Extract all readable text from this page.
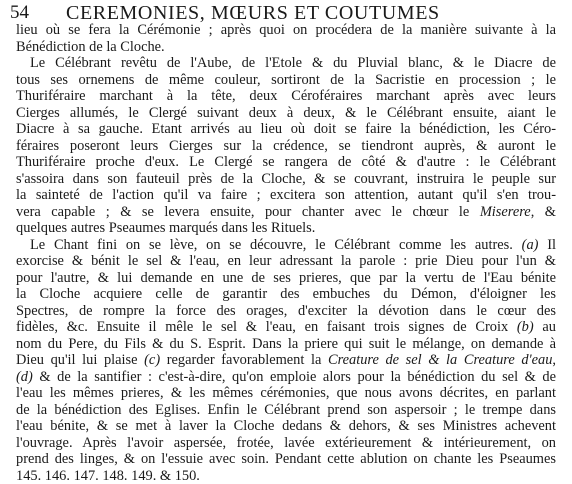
54 CEREMONIES, MŒURS ET COUTUMES
lieu où se fera la Cérémonie ; après quoi on procédera de la manière suivante à la
Bénédiction de la Cloche.
Le Célébrant revêtu de l'Aube, de l'Etole & du Pluvial blanc, & le Diacre de
tous ses ornemens de même couleur, sortiront de la Sacristie en procession ; le
Thuriféraire marchant à la tête, deux Céroféraires marchant après avec leurs
Cierges allumés, le Clergé suivant deux à deux, & le Célébrant ensuite, aiant le
Diacre à sa gauche. Etant arrivés au lieu où doit se faire la bénédiction, les Céro-
féraires poseront leurs Cierges sur la crédence, se tiendront auprès, & auront le
Thuriféraire proche d'eux. Le Clergé se rangera de côté & d'autre : le Célébrant
s'assoira dans son fauteuil près de la Cloche, & se couvrant, instruira le peuple sur
la sainteté de l'action qu'il va faire ; excitera son attention, autant qu'il s'en trou-
vera capable ; & se levera ensuite, pour chanter avec le chœur le Miserere, &
quelques autres Pseaumes marqués dans les Rituels.
Le Chant fini on se lève, on se découvre, le Célébrant comme les autres. (a) Il
exorcise & bénit le sel & l'eau, en leur adressant la parole : prie Dieu pour l'un &
pour l'autre, & lui demande en une de ses prieres, que par la vertu de l'Eau bénite
la Cloche acquiere celle de garantir des embuches du Démon, d'éloigner les
Spectres, de rompre la force des orages, d'exciter la dévotion dans le cœur des
fidèles, &c. Ensuite il mêle le sel & l'eau, en faisant trois signes de Croix (b) au
nom du Pere, du Fils & du S. Esprit. Dans la priere qui suit le mélange, on demande à
Dieu qu'il lui plaise (c) regarder favorablement la Creature de sel & la Creature d'eau,
(d) & de la santifier : c'est-à-dire, qu'on emploie alors pour la bénédiction du sel & de
l'eau les mêmes prieres, & les mêmes cérémonies, que nous avons décrites, en parlant
de la bénédiction des Eglises. Enfin le Célébrant prend son aspersoir ; le trempe dans
l'eau bénite, & se met à laver la Cloche dedans & dehors, & ses Ministres achevent
l'ouvrage. Après l'avoir aspersée, frotée, lavée extérieurement & intérieurement, on
prend des linges, & on l'essuie avec soin. Pendant cette ablution on chante les Pseaumes
145. 146. 147. 148. 149. & 150.
